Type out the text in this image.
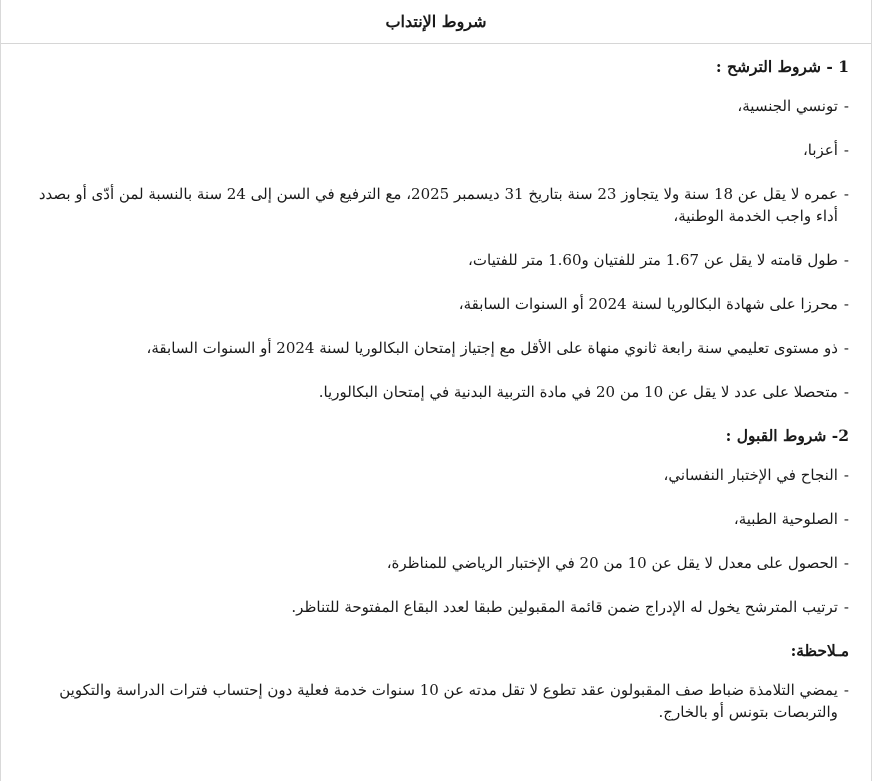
شروط الإنتداب
1 - شروط الترشح :
-
تونسي الجنسية،
-
أعزبا،
-
عمره لا يقل عن 18 سنة ولا يتجاوز 23 سنة بتاريخ 31 ديسمبر 2025، مع الترفيع في السن إلى 24 سنة بالنسبة لمن أدّى أو بصدد أداء واجب الخدمة الوطنية،
-
طول قامته لا يقل عن 1.67 متر للفتيان و1.60 متر للفتيات،
-
محرزا على شهادة البكالوريا لسنة 2024 أو السنوات السابقة،
-
ذو مستوى تعليمي سنة رابعة ثانوي منهاة على الأقل مع إجتياز إمتحان البكالوريا لسنة 2024 أو السنوات السابقة،
-
متحصلا على عدد لا يقل عن 10 من 20 في مادة التربية البدنية في إمتحان البكالوريا.
2- شروط القبول :
-
النجاح في الإختبار النفساني،
-
الصلوحية الطبية،
-
الحصول على معدل لا يقل عن 10 من 20 في الإختبار الرياضي للمناظرة،
-
ترتيب المترشح يخول له الإدراج ضمن قائمة المقبولين طبقا لعدد البقاع المفتوحة للتناظر.
مـلاحظة:
-
يمضي التلامذة ضباط صف المقبولون عقد تطوع لا تقل مدته عن 10 سنوات خدمة فعلية دون إحتساب فترات الدراسة والتكوين والتربصات بتونس أو بالخارج.
